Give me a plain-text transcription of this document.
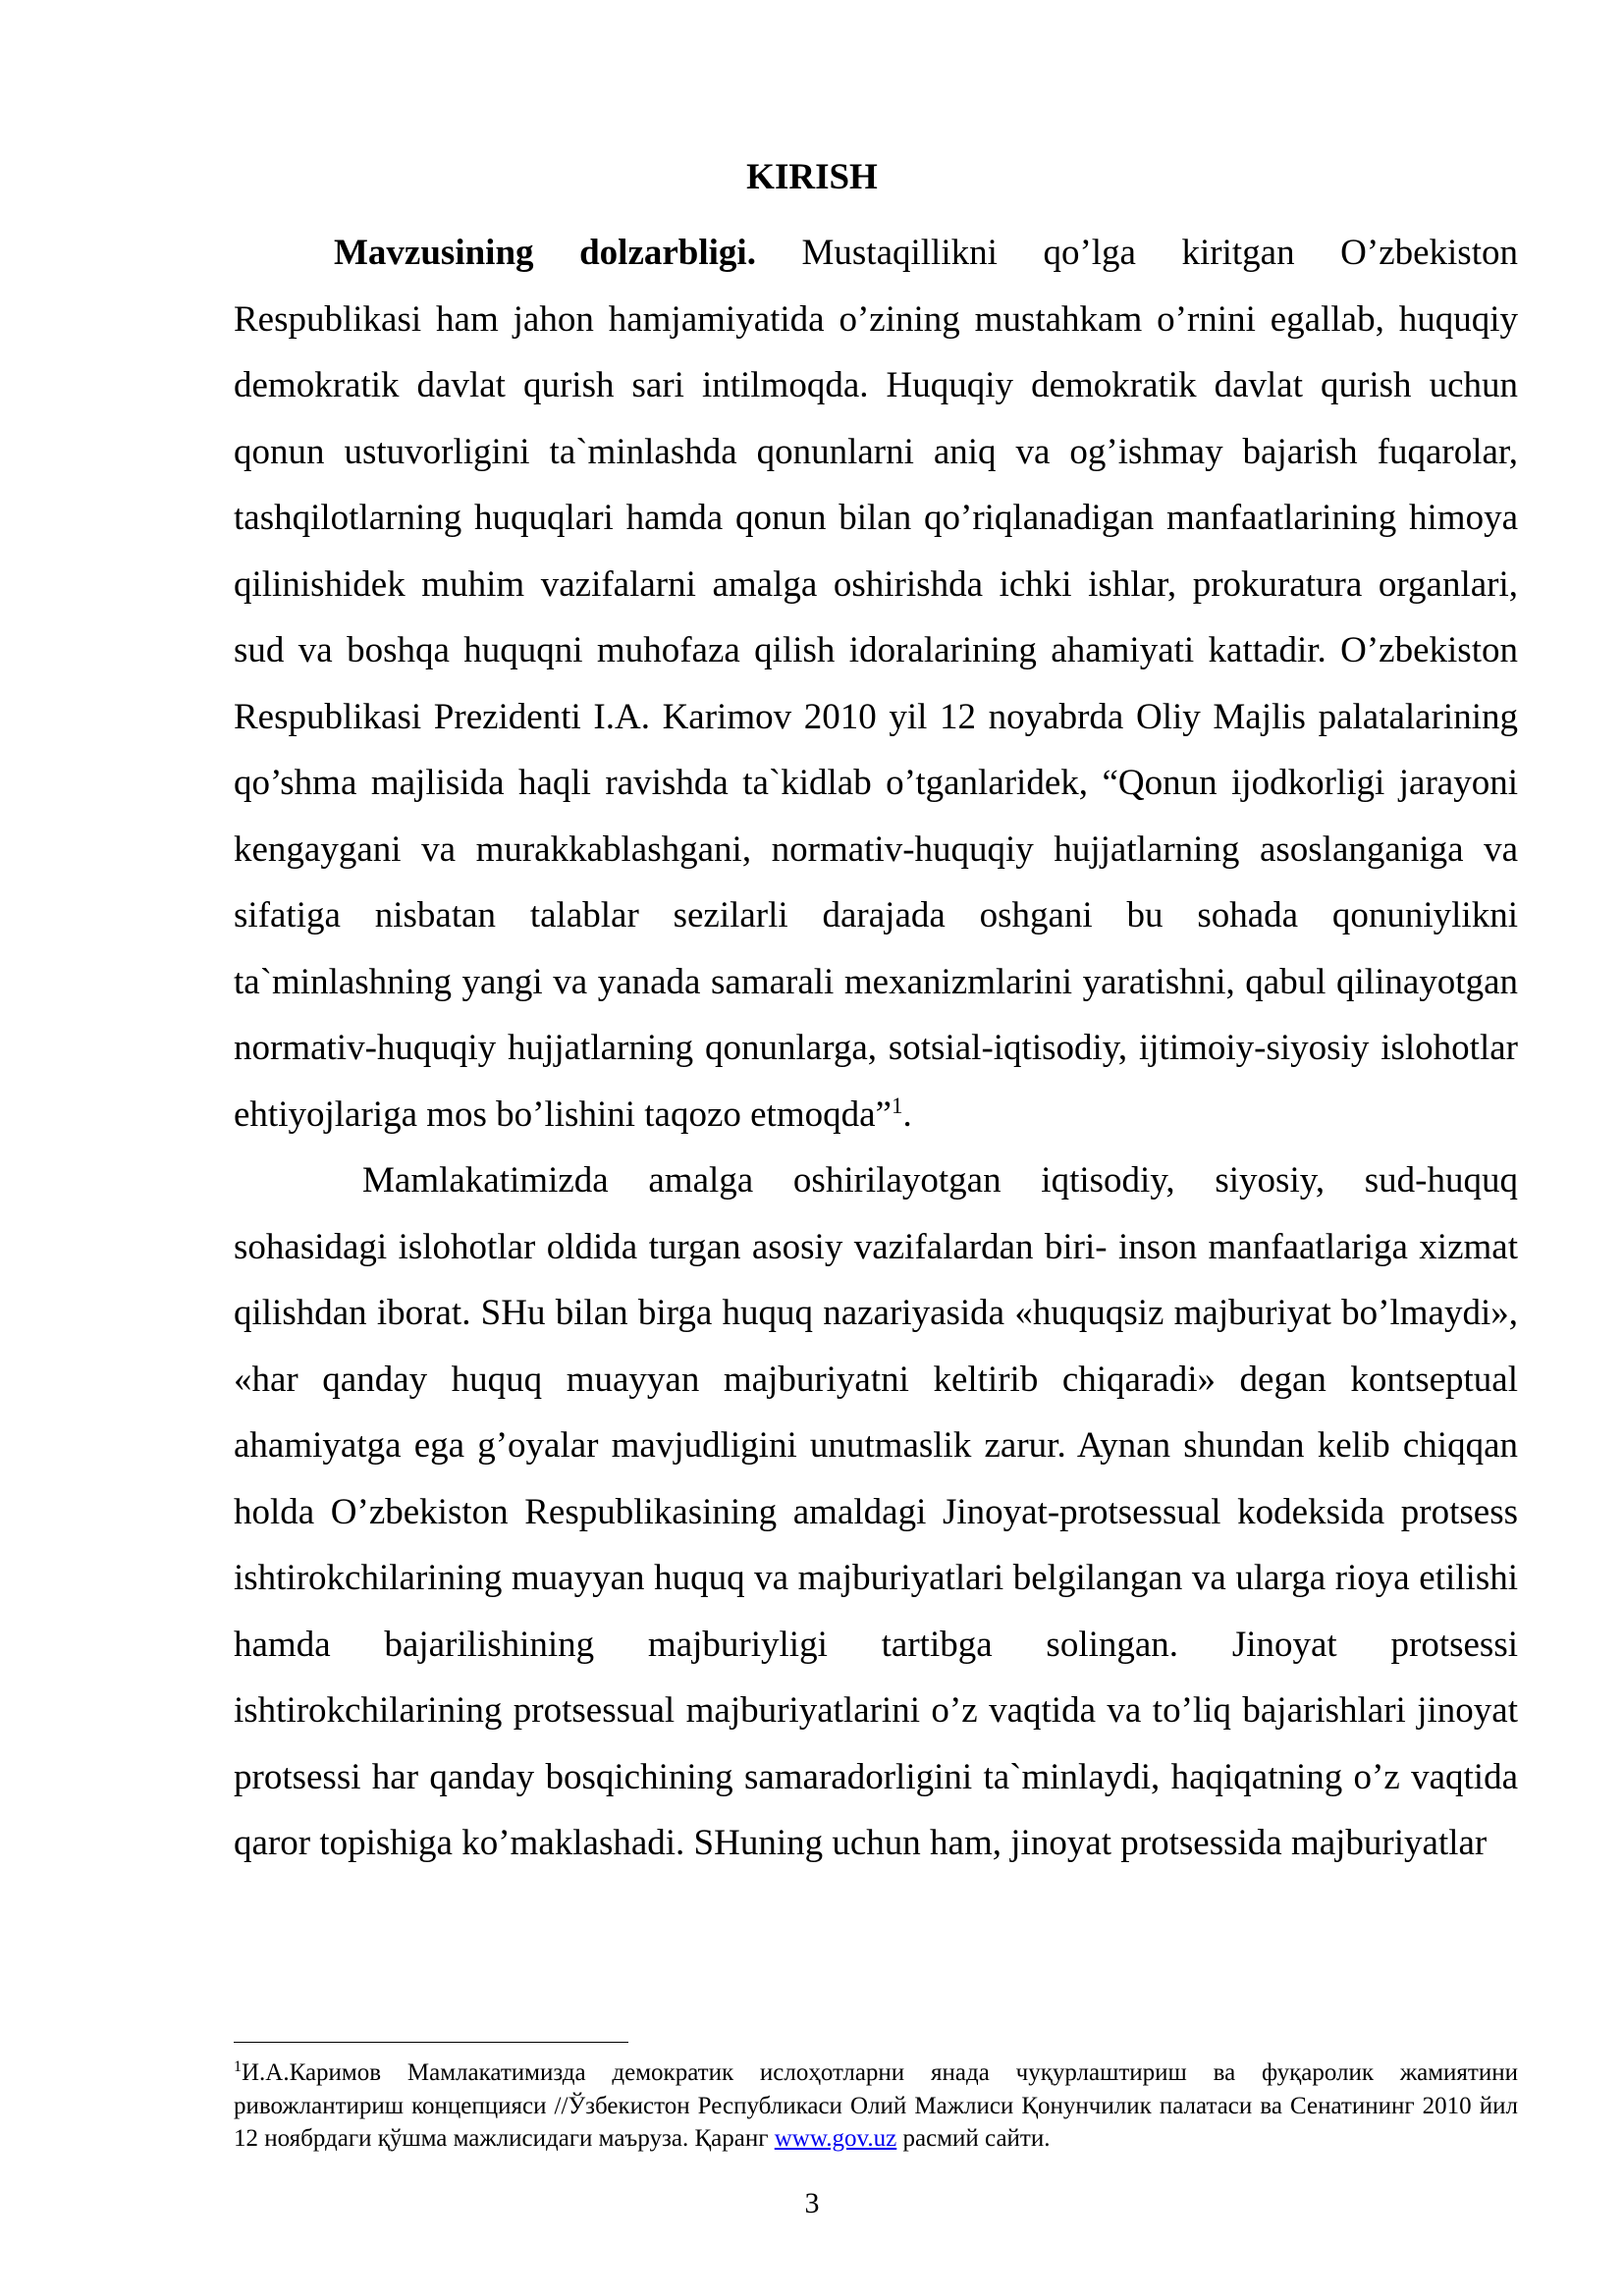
KIRISH

Mavzusining dolzarbligi. Mustaqillikni qo’lga kiritgan O’zbekiston Respublikasi ham jahon hamjamiyatida o’zining mustahkam o’rnini egallab, huquqiy demokratik davlat qurish sari intilmoqda. Huquqiy demokratik davlat qurish uchun qonun ustuvorligini ta`minlashda qonunlarni aniq va og’ishmay bajarish fuqarolar, tashqilotlarning huquqlari hamda qonun bilan qo’riqlanadigan manfaatlarining himoya qilinishidek muhim vazifalarni amalga oshirishda ichki ishlar, prokuratura organlari, sud va boshqa huquqni muhofaza qilish idoralarining ahamiyati kattadir. O’zbekiston Respublikasi Prezidenti I.A. Karimov 2010 yil 12 noyabrda Oliy Majlis palatalarining qo’shma majlisida haqli ravishda ta`kidlab o’tganlaridek, “Qonun ijodkorligi jarayoni kengaygani va murakkablashgani, normativ-huquqiy hujjatlarning asoslanganiga va sifatiga nisbatan talablar sezilarli darajada oshgani bu sohada qonuniylikni ta`minlashning yangi va yanada samarali mexanizmlarini yaratishni, qabul qilinayotgan normativ-huquqiy hujjatlarning qonunlarga, sotsial-iqtisodiy, ijtimoiy-siyosiy islohotlar ehtiyojlariga mos bo’lishini taqozo etmoqda”$^1$.

Mamlakatimizda amalga oshirilayotgan iqtisodiy, siyosiy, sud-huquq sohasidagi islohotlar oldida turgan asosiy vazifalardan biri- inson manfaatlariga xizmat qilishdan iborat. SHu bilan birga huquq nazariyasida «huquqsiz majburiyat bo’lmaydi», «har qanday huquq muayyan majburiyatni keltirib chiqaradi» degan kontseptual ahamiyatga ega g’oyalar mavjudligini unutmaslik zarur. Aynan shundan kelib chiqqan holda O’zbekiston Respublikasining amaldagi Jinoyat-protsessual kodeksida protsess ishtirokchilarining muayyan huquq va majburiyatlari belgilangan va ularga rioya etilishi hamda bajarilishining majburiyligi tartibga solingan. Jinoyat protsessi ishtirokchilarining protsessual majburiyatlarini o’z vaqtida va to’liq bajarishlari jinoyat protsessi har qanday bosqichining samaradorligini ta`minlaydi, haqiqatning o’z vaqtida qaror topishiga ko’maklashadi. SHuning uchun ham, jinoyat protsessida majburiyatlar

$^1$И.А.Каримов Мамлакатимизда демократик ислоҳотларни янада чуқурлаштириш ва фуқаролик жамиятини ривожлантириш концепцияси //Ўзбекистон Республикаси Олий Мажлиси Қонунчилик палатаси ва Сенатининг 2010 йил 12 ноябрдаги қўшма мажлисидаги маъруза. Қаранг www.gov.uz расмий сайти.

3
